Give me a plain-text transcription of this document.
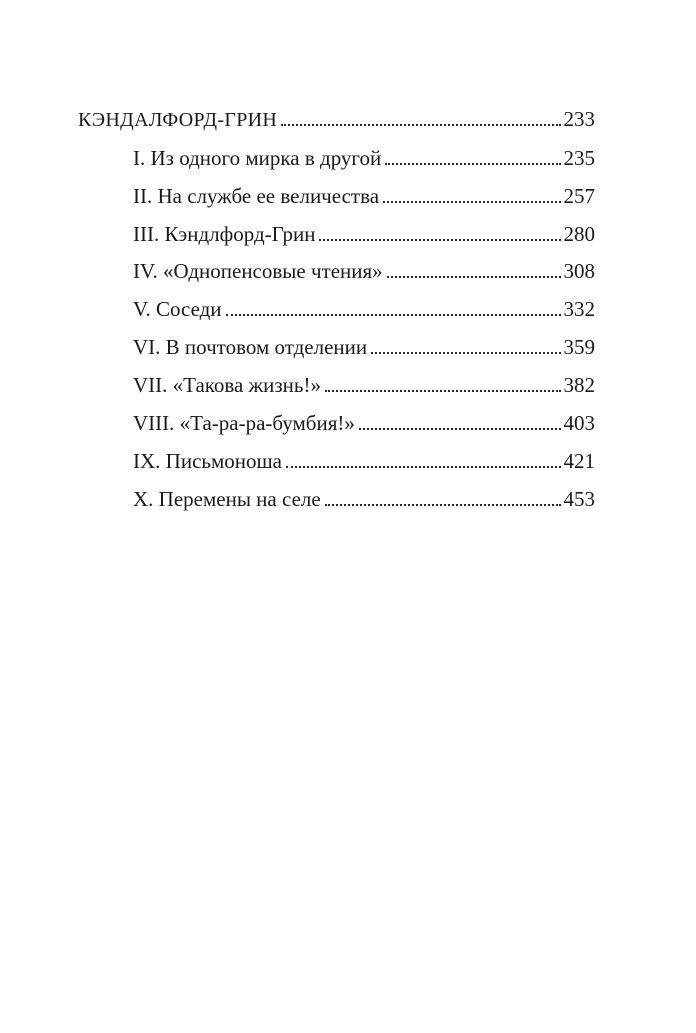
КЭНДАЛФОРД-ГРИН	233
I. Из одного мирка в другой	235
II. На службе ее величества	257
III. Кэндлфорд-Грин	280
IV. «Однопенсовые чтения»	308
V. Соседи	332
VI. В почтовом отделении	359
VII. «Такова жизнь!»	382
VIII. «Та-ра-ра-бумбия!»	403
IX. Письмоноша	421
X. Перемены на селе	453
